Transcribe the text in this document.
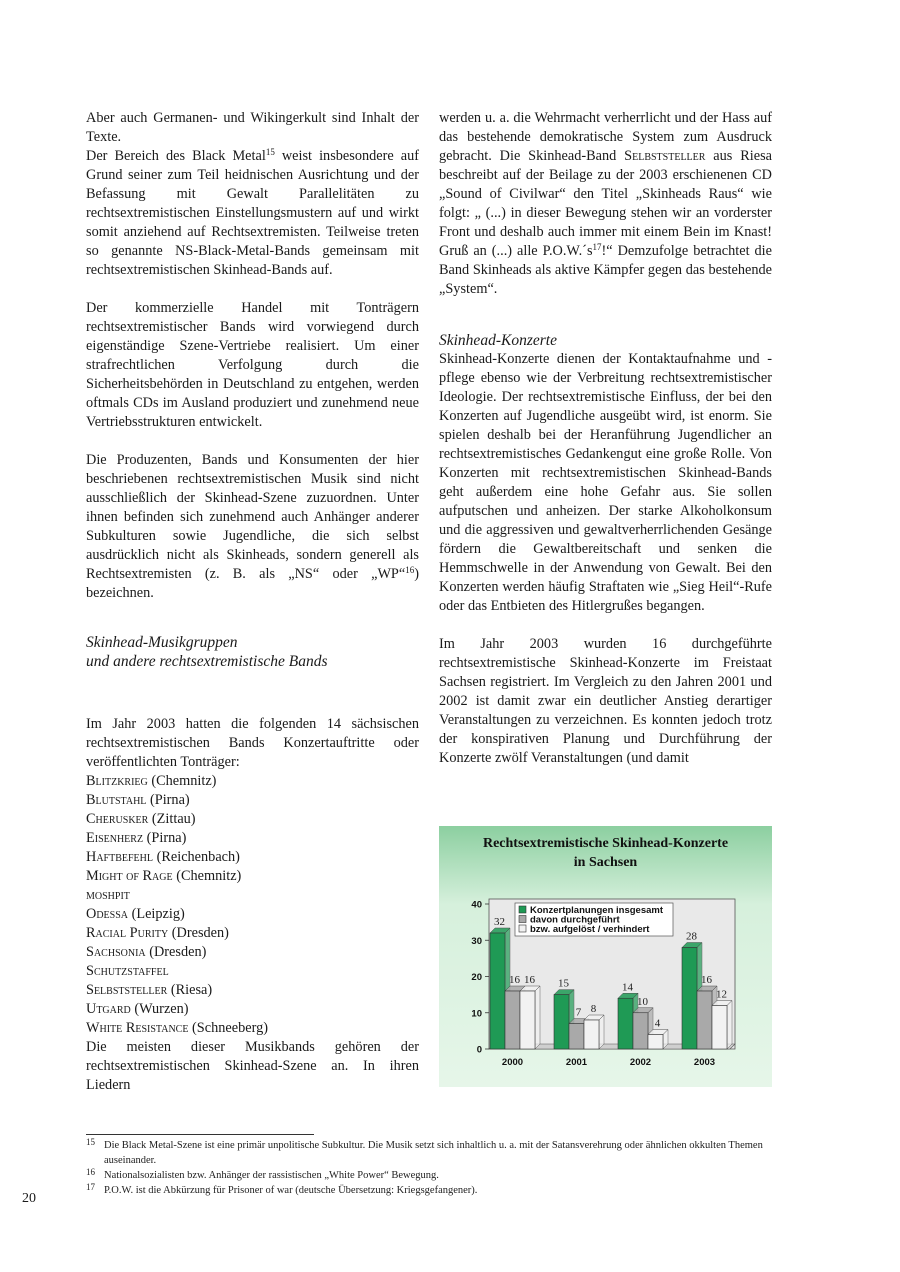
Aber auch Germanen- und Wikingerkult sind Inhalt der Texte.

Der Bereich des Black Metal$^{15}$ weist insbesondere auf Grund seiner zum Teil heidnischen Ausrichtung und der Befassung mit Gewalt Parallelitäten zu rechtsextremistischen Einstellungsmustern auf und wirkt somit anziehend auf Rechtsextremisten. Teilweise treten so genannte NS-Black-Metal-Bands gemeinsam mit rechtsextremistischen Skinhead-Bands auf.

Der kommerzielle Handel mit Tonträgern rechtsextremistischer Bands wird vorwiegend durch eigenständige Szene-Vertriebe realisiert. Um einer strafrechtlichen Verfolgung durch die Sicherheitsbehörden in Deutschland zu entgehen, werden oftmals CDs im Ausland produziert und zunehmend neue Vertriebsstrukturen entwickelt.

Die Produzenten, Bands und Konsumenten der hier beschriebenen rechtsextremistischen Musik sind nicht ausschließlich der Skinhead-Szene zuzuordnen. Unter ihnen befinden sich zunehmend auch Anhänger anderer Subkulturen sowie Jugendliche, die sich selbst ausdrücklich nicht als Skinheads, sondern generell als Rechtsextremisten (z. B. als „NS“ oder „WP“$^{16}$) bezeichnen.

Skinhead-Musikgruppen

und andere rechtsextremistische Bands

Im Jahr 2003 hatten die folgenden 14 sächsischen rechtsextremistischen Bands Konzertauftritte oder veröffentlichten Tonträger:

Blitzkrieg (Chemnitz)
Blutstahl (Pirna)
Cherusker (Zittau)
Eisenherz (Pirna)
Haftbefehl (Reichenbach)
Might of Rage (Chemnitz)
moshpit
Odessa (Leipzig)
Racial Purity (Dresden)
Sachsonia (Dresden)
Schutzstaffel
Selbststeller (Riesa)
Utgard (Wurzen)
White Resistance (Schneeberg)

Die meisten dieser Musikbands gehören der rechtsextremistischen Skinhead-Szene an. In ihren Liedern

werden u. a. die Wehrmacht verherrlicht und der Hass auf das bestehende demokratische System zum Ausdruck gebracht. Die Skinhead-Band Selbststeller aus Riesa beschreibt auf der Beilage zu der 2003 erschienenen CD „Sound of Civilwar“ den Titel „Skinheads Raus“ wie folgt: „ (...) in dieser Bewegung stehen wir an vorderster Front und deshalb auch immer mit einem Bein im Knast! Gruß an (...) alle $P.O.W.´s^{17}!“$ Demzufolge betrachtet die Band Skinheads als aktive Kämpfer gegen das bestehende „System“.

Skinhead-Konzerte

Skinhead-Konzerte dienen der Kontaktaufnahme und -pflege ebenso wie der Verbreitung rechtsextremistischer Ideologie. Der rechtsextremistische Einfluss, der bei den Konzerten auf Jugendliche ausgeübt wird, ist enorm. Sie spielen deshalb bei der Heranführung Jugendlicher an rechtsextremistisches Gedankengut eine große Rolle. Von Konzerten mit rechtsextremistischen Skinhead-Bands geht außerdem eine hohe Gefahr aus. Sie sollen aufputschen und anheizen. Der starke Alkoholkonsum und die aggressiven und gewaltverherrlichenden Gesänge fördern die Gewaltbereitschaft und senken die Hemmschwelle in der Anwendung von Gewalt. Bei den Konzerten werden häufig Straftaten wie „Sieg Heil“-Rufe oder das Entbieten des Hitlergrußes begangen.

Im Jahr 2003 wurden 16 durchgeführte rechtsextremistische Skinhead-Konzerte im Freistaat Sachsen registriert. Im Vergleich zu den Jahren 2001 und 2002 ist damit zwar ein deutlicher Anstieg derartiger Veranstaltungen zu verzeichnen. Es konnten jedoch trotz der konspirativen Planung und Durchführung der Konzerte zwölf Veranstaltungen (und damit

Rechtsextremistische Skinhead-Konzerte
in Sachsen
0
10
20
30
40
32
16 16
2000
15
7 8
2001
14
10
4
2002
28
16
12
2003
Konzertplanungen insgesamt
davon durchgeführt
bzw. aufgelöst / verhindert
15 Die Black Metal-Szene ist eine primär unpolitische Subkultur. Die Musik setzt sich inhaltlich u. a. mit der Satansverehrung oder ähnlichen okkulten Themen auseinander.
16 Nationalsozialisten bzw. Anhänger der rassistischen „White Power“ Bewegung.
17 P.O.W. ist die Abkürzung für Prisoner of war (deutsche Übersetzung: Kriegsgefangener).
20
